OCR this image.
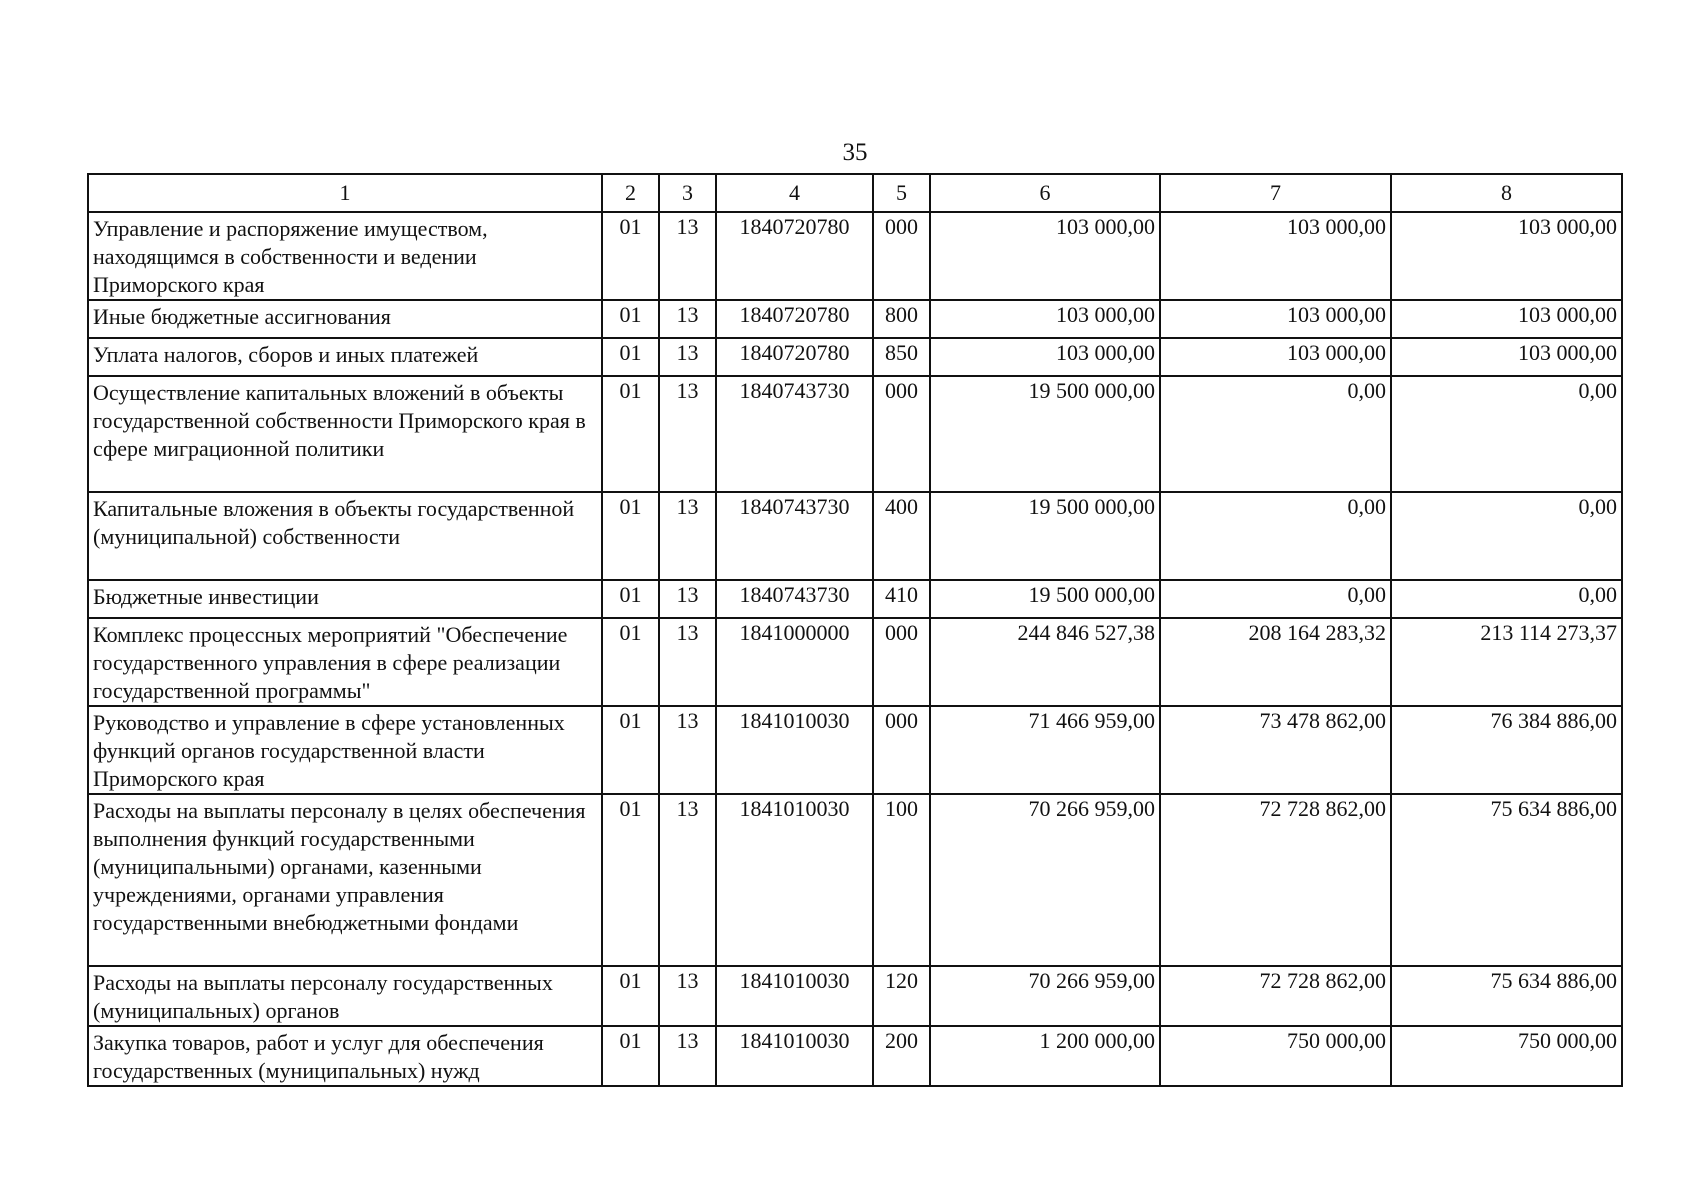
35
1	2	3	4	5	6	7	8
Управление и распоряжение имуществом, находящимся в собственности и ведении Приморского края	01	13	1840720780	000	103 000,00	103 000,00	103 000,00
Иные бюджетные ассигнования	01	13	1840720780	800	103 000,00	103 000,00	103 000,00
Уплата налогов, сборов и иных платежей	01	13	1840720780	850	103 000,00	103 000,00	103 000,00
Осуществление капитальных вложений в объекты государственной собственности Приморского края в сфере миграционной политики	01	13	1840743730	000	19 500 000,00	0,00	0,00
Капитальные вложения в объекты государственной (муниципальной) собственности	01	13	1840743730	400	19 500 000,00	0,00	0,00
Бюджетные инвестиции	01	13	1840743730	410	19 500 000,00	0,00	0,00
Комплекс процессных мероприятий "Обеспечение государственного управления в сфере реализации государственной программы"	01	13	1841000000	000	244 846 527,38	208 164 283,32	213 114 273,37
Руководство и управление в сфере установленных функций органов государственной власти Приморского края	01	13	1841010030	000	71 466 959,00	73 478 862,00	76 384 886,00
Расходы на выплаты персоналу в целях обеспечения выполнения функций государственными (муниципальными) органами, казенными учреждениями, органами управления государственными внебюджетными фондами	01	13	1841010030	100	70 266 959,00	72 728 862,00	75 634 886,00
Расходы на выплаты персоналу государственных (муниципальных) органов	01	13	1841010030	120	70 266 959,00	72 728 862,00	75 634 886,00
Закупка товаров, работ и услуг для обеспечения государственных (муниципальных) нужд	01	13	1841010030	200	1 200 000,00	750 000,00	750 000,00
